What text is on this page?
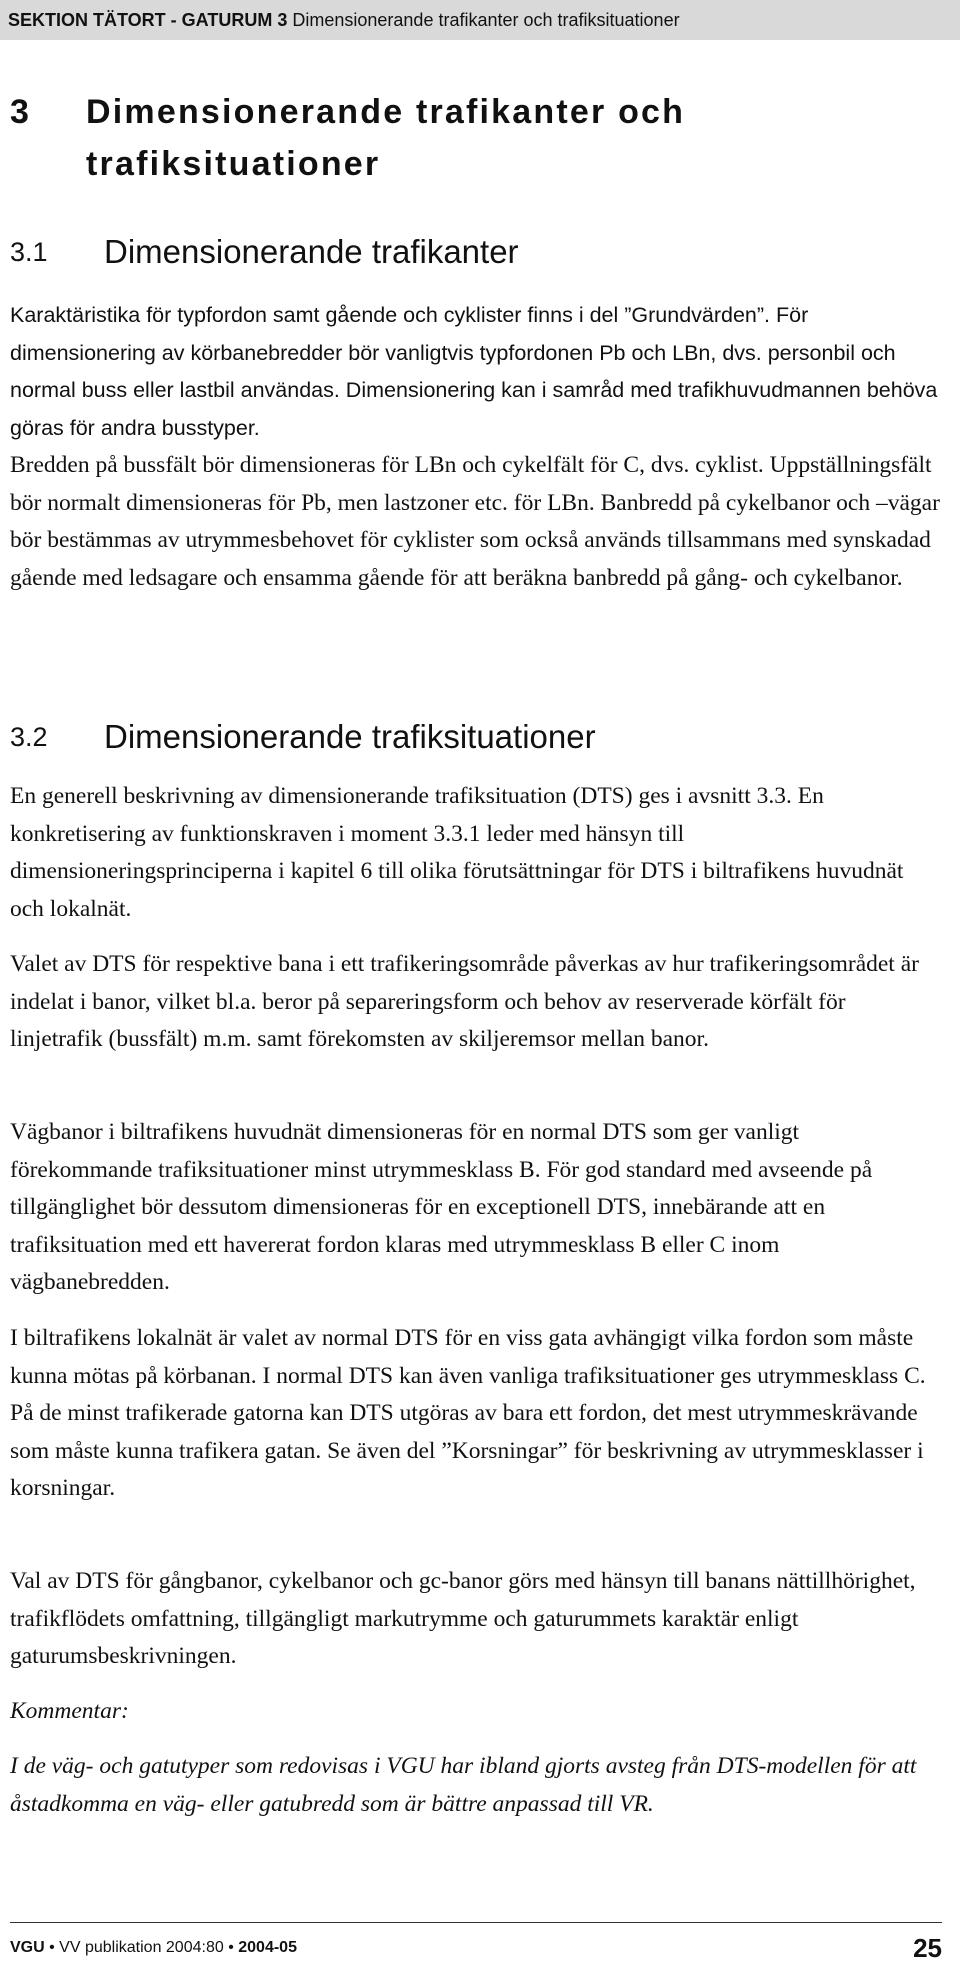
SEKTION TÄTORT - GATURUM 3 Dimensionerande trafikanter och trafiksituationer
3 Dimensionerande trafikanter och trafiksituationer
3.1 Dimensionerande trafikanter

Karaktäristika för typfordon samt gående och cyklister finns i del ”Grundvärden”. För dimensionering av körbanebredder bör vanligtvis typfordonen Pb och LBn, dvs. personbil och normal buss eller lastbil användas. Dimensionering kan i samråd med trafikhuvudmannen behöva göras för andra busstyper.

Bredden på bussfält bör dimensioneras för LBn och cykelfält för C, dvs. cyklist. Uppställningsfält bör normalt dimensioneras för Pb, men lastzoner etc. för LBn. Banbredd på cykelbanor och –vägar bör bestämmas av utrymmesbehovet för cyklister som också används tillsammans med synskadad gående med ledsagare och ensamma gående för att beräkna banbredd på gång- och cykelbanor.

3.2 Dimensionerande trafiksituationer

En generell beskrivning av dimensionerande trafiksituation (DTS) ges i avsnitt 3.3. En konkretisering av funktionskraven i moment 3.3.1 leder med hänsyn till dimensioneringsprinciperna i kapitel 6 till olika förutsättningar för DTS i biltrafikens huvudnät och lokalnät.

Valet av DTS för respektive bana i ett trafikeringsområde påverkas av hur trafikeringsområdet är indelat i banor, vilket bl.a. beror på separeringsform och behov av reserverade körfält för linjetrafik (bussfält) m.m. samt förekomsten av skiljeremsor mellan banor.

Vägbanor i biltrafikens huvudnät dimensioneras för en normal DTS som ger vanligt förekommande trafiksituationer minst utrymmesklass B. För god standard med avseende på tillgänglighet bör dessutom dimensioneras för en exceptionell DTS, innebärande att en trafiksituation med ett havererat fordon klaras med utrymmesklass B eller C inom vägbanebredden.

I biltrafikens lokalnät är valet av normal DTS för en viss gata avhängigt vilka fordon som måste kunna mötas på körbanan. I normal DTS kan även vanliga trafiksituationer ges utrymmesklass C. På de minst trafikerade gatorna kan DTS utgöras av bara ett fordon, det mest utrymmeskrävande som måste kunna trafikera gatan. Se även del ”Korsningar” för beskrivning av utrymmesklasser i korsningar.

Val av DTS för gångbanor, cykelbanor och gc-banor görs med hänsyn till banans nättillhörighet, trafikflödets omfattning, tillgängligt markutrymme och gaturummets karaktär enligt gaturumsbeskrivningen.

Kommentar:

I de väg- och gatutyper som redovisas i VGU har ibland gjorts avsteg från DTS-modellen för att åstadkomma en väg- eller gatubredd som är bättre anpassad till VR.

VGU • VV publikation 2004:80 • 2004-05	25
